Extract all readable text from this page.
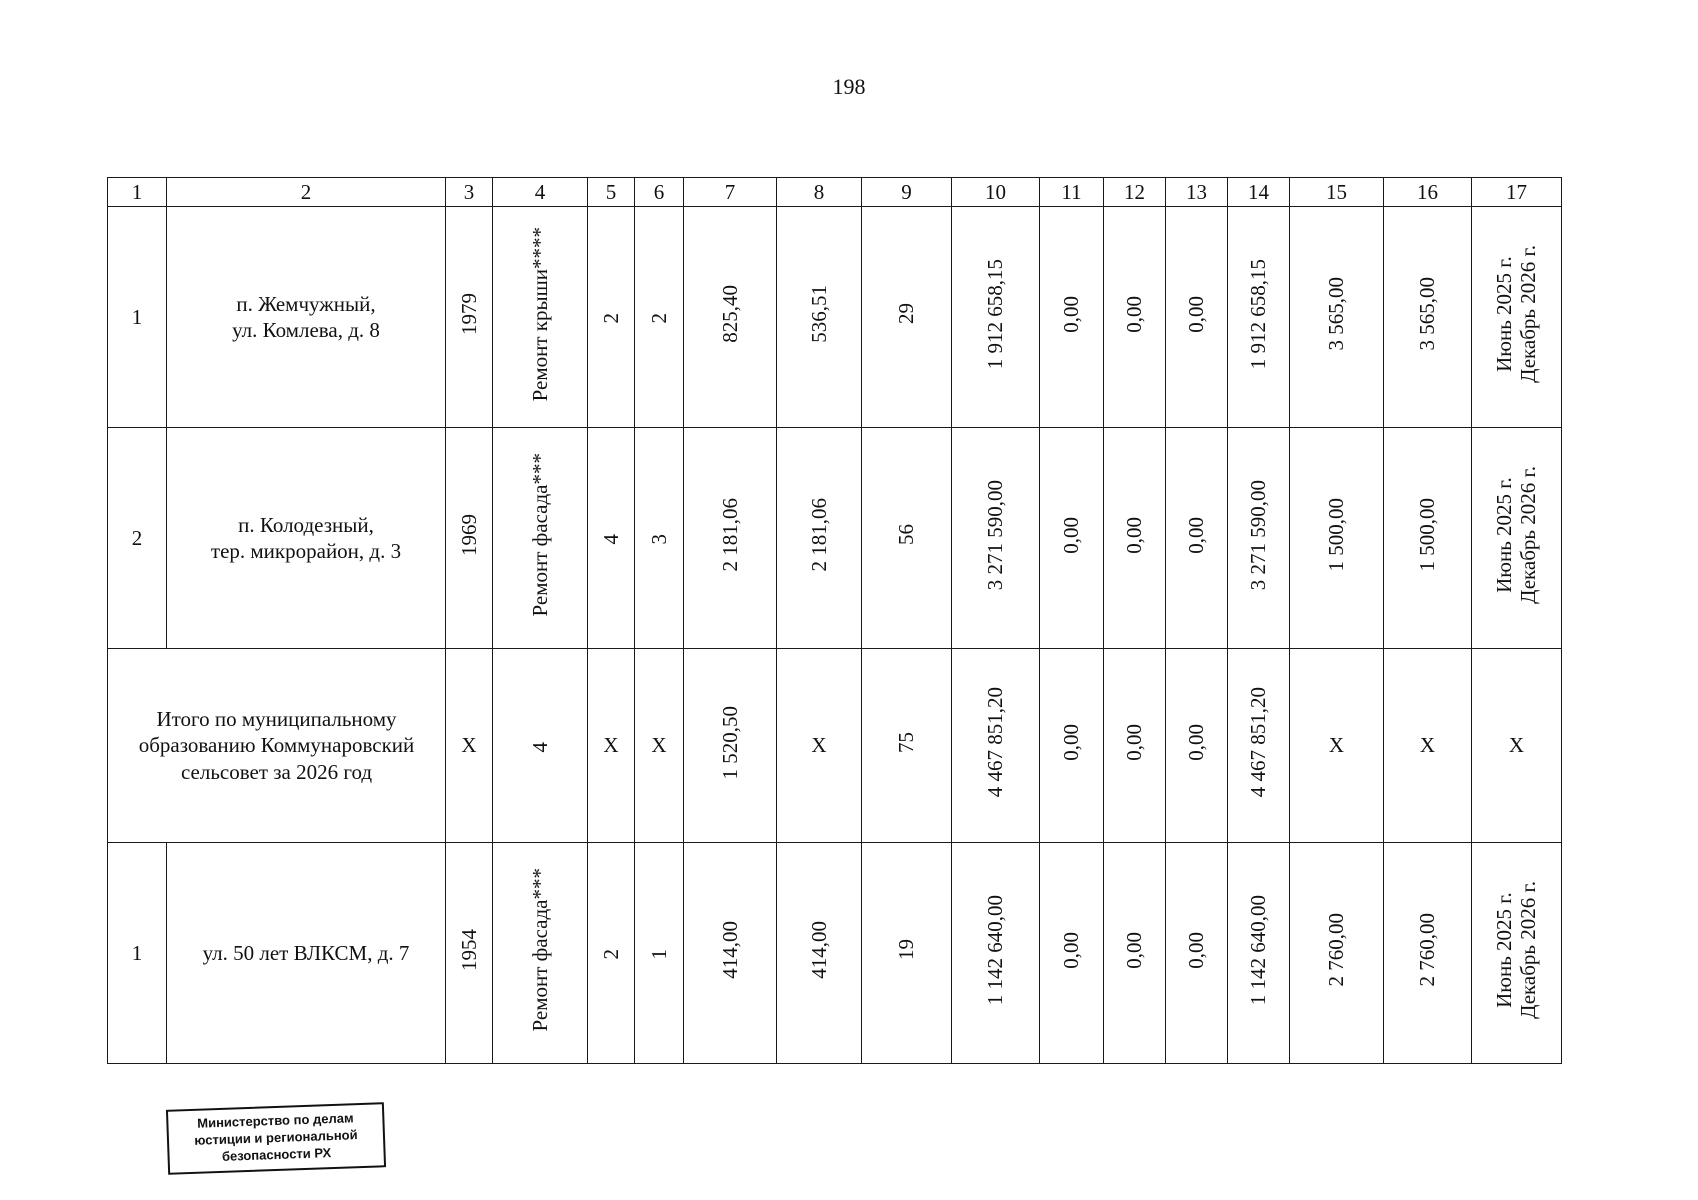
198
1	2	3	4	5	6	7	8	9	10	11	12	13	14	15	16	17
1	п. Жемчужный,
ул. Комлева, д. 8	1979	Ремонт крыши****	2	2	825,40	536,51	29	1 912 658,15	0,00	0,00	0,00	1 912 658,15	3 565,00	3 565,00	Июнь 2025 г.
Декабрь 2026 г.
2	п. Колодезный,
тер. микрорайон, д. 3	1969	Ремонт фасада***	4	3	2 181,06	2 181,06	56	3 271 590,00	0,00	0,00	0,00	3 271 590,00	1 500,00	1 500,00	Июнь 2025 г.
Декабрь 2026 г.
Итого по муниципальному
образованию Коммунаровский
сельсовет за 2026 год		Х	4	Х	Х	1 520,50	Х	75	4 467 851,20	0,00	0,00	0,00	4 467 851,20	Х	Х	Х
1	ул. 50 лет ВЛКСМ, д. 7	1954	Ремонт фасада***	2	1	414,00	414,00	19	1 142 640,00	0,00	0,00	0,00	1 142 640,00	2 760,00	2 760,00	Июнь 2025 г.
Декабрь 2026 г.
Министерство по делам
юстиции и региональной
безопасности РХ
